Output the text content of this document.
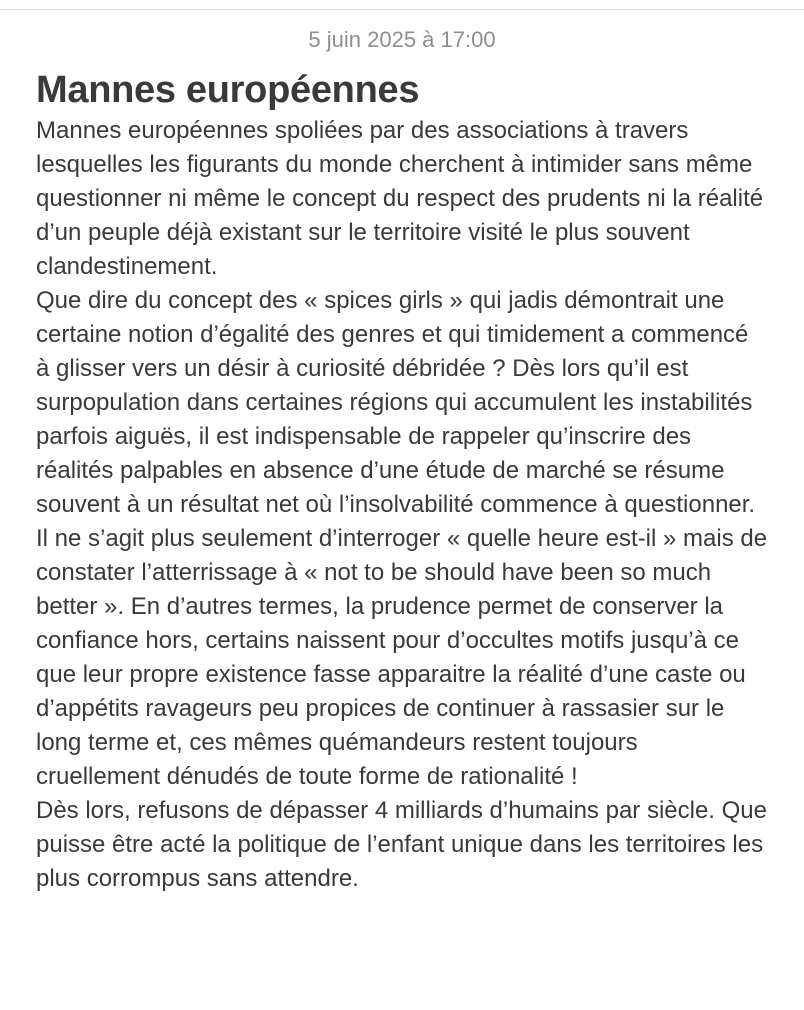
5 juin 2025 à 17:00

Mannes européennes

Mannes européennes spoliées par des associations à travers lesquelles les figurants du monde cherchent à intimider sans même questionner ni même le concept du respect des prudents ni la réalité d’un peuple déjà existant sur le territoire visité le plus souvent clandestinement.

Que dire du concept des « spices girls » qui jadis démontrait une certaine notion d’égalité des genres et qui timidement a commencé à glisser vers un désir à curiosité débridée ? Dès lors qu’il est surpopulation dans certaines régions qui accumulent les instabilités parfois aiguës, il est indispensable de rappeler qu’inscrire des réalités palpables en absence d’une étude de marché se résume souvent à un résultat net où l’insolvabilité commence à questionner. Il ne s’agit plus seulement d’interroger « quelle heure est-il » mais de constater l’atterrissage à « not to be should have been so much better ». En d’autres termes, la prudence permet de conserver la confiance hors, certains naissent pour d’occultes motifs jusqu’à ce que leur propre existence fasse apparaitre la réalité d’une caste ou d’appétits ravageurs peu propices de continuer à rassasier sur le long terme et, ces mêmes quémandeurs restent toujours cruellement dénudés de toute forme de rationalité !

Dès lors, refusons de dépasser 4 milliards d’humains par siècle. Que puisse être acté la politique de l’enfant unique dans les territoires les plus corrompus sans attendre.
